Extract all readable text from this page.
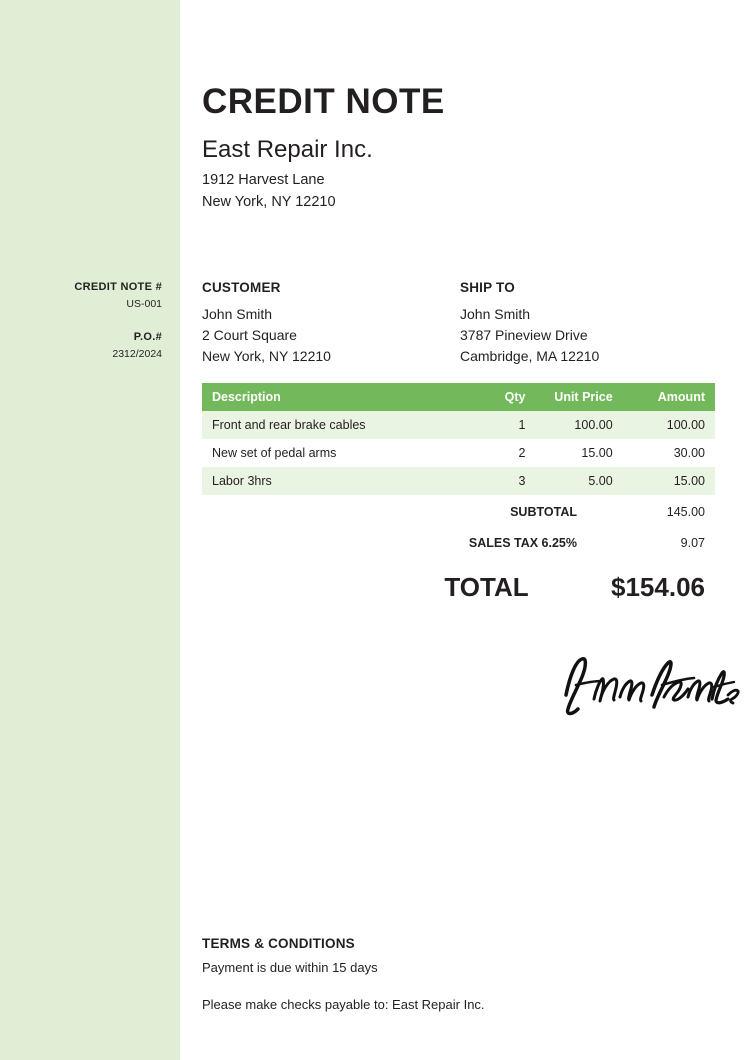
CREDIT NOTE #
US-001
P.O.#
2312/2024
CREDIT NOTE
East Repair Inc.
1912 Harvest Lane
New York, NY 12210
CUSTOMER
John Smith
2 Court Square
New York, NY 12210
SHIP TO
John Smith
3787 Pineview Drive
Cambridge, MA 12210
Description	Qty	Unit Price	Amount
Front and rear brake cables	1	100.00	100.00
New set of pedal arms	2	15.00	30.00
Labor 3hrs	3	5.00	15.00
SUBTOTAL	145.00
SALES TAX 6.25%	9.07
TOTAL	$154.06
TERMS & CONDITIONS
Payment is due within 15 days
Please make checks payable to: East Repair Inc.
